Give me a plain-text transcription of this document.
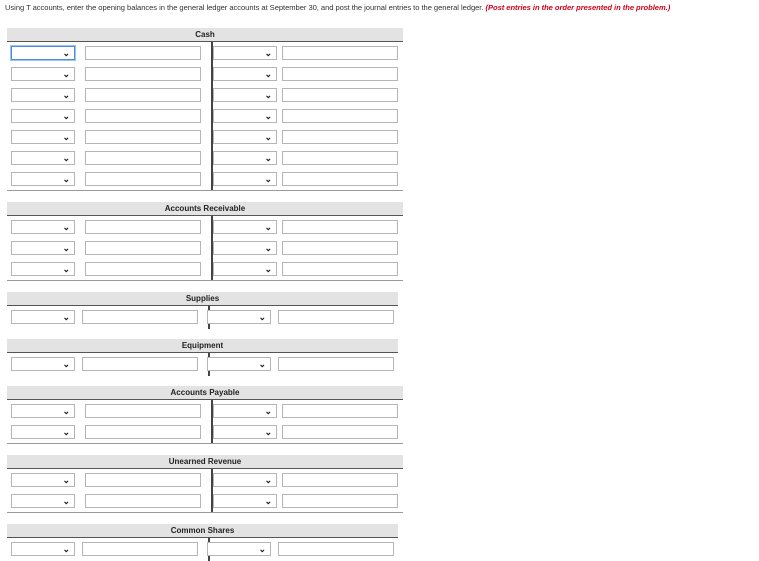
Using T accounts, enter the opening balances in the general ledger accounts at September 30, and post the journal entries to the general ledger. (Post entries in the order presented in the problem.)
Cash
⌄	⌄
⌄	⌄
⌄	⌄
⌄	⌄
⌄	⌄
⌄	⌄
⌄	⌄
Accounts Receivable
⌄	⌄
⌄	⌄
⌄	⌄
Supplies
⌄	⌄
Equipment
⌄	⌄
Accounts Payable
⌄	⌄
⌄	⌄
Unearned Revenue
⌄	⌄
⌄	⌄
Common Shares
⌄	⌄
